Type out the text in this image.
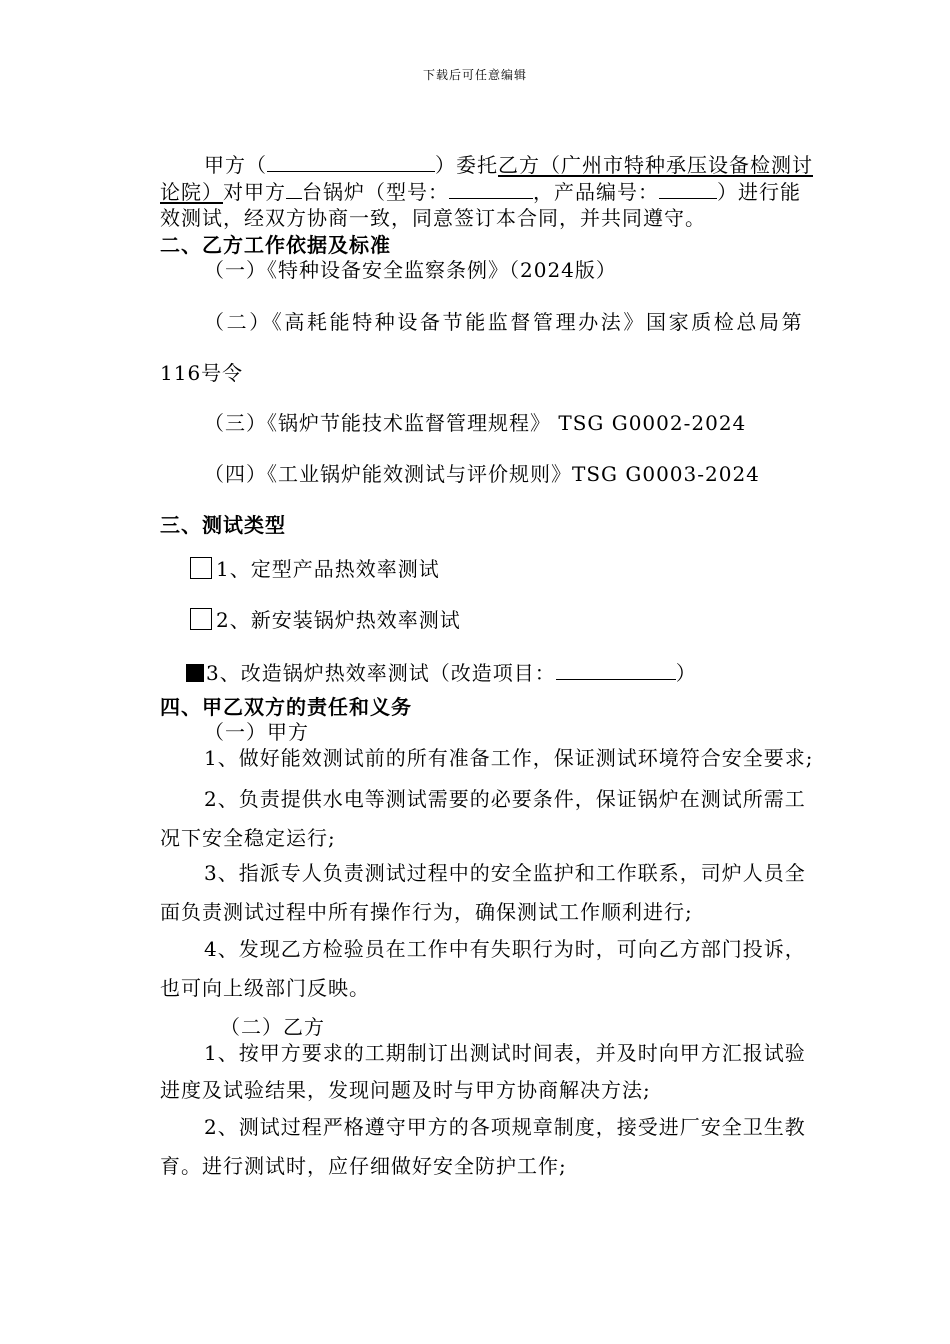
下载后可任意编辑
甲方（	）委托乙方（广州市特种承压设备检测讨
论院）对甲方 台锅炉（型号：	，产品编号：	）进行能
效测试，经双方协商一致，同意签订本合同，并共同遵守。
二、乙方工作依据及标准
（一）《特种设备安全监察条例》（2024版）
（二）《高耗能特种设备节能监督管理办法》国家质检总局第
116号令
（三）《锅炉节能技术监督管理规程》 TSG G0002-2024
（四）《工业锅炉能效测试与评价规则》TSG G0003-2024
三、测试类型
1、定型产品热效率测试
2、新安装锅炉热效率测试
3、改造锅炉热效率测试（改造项目：	）
四、甲乙双方的责任和义务
（一）甲方
1、做好能效测试前的所有准备工作，保证测试环境符合安全要求;
2、负责提供水电等测试需要的必要条件，保证锅炉在测试所需工
况下安全稳定运行;
3、指派专人负责测试过程中的安全监护和工作联系，司炉人员全
面负责测试过程中所有操作行为，确保测试工作顺利进行;
4、发现乙方检验员在工作中有失职行为时，可向乙方部门投诉，
也可向上级部门反映。
（二）乙方
1、按甲方要求的工期制订出测试时间表，并及时向甲方汇报试验
进度及试验结果，发现问题及时与甲方协商解决方法;
2、测试过程严格遵守甲方的各项规章制度，接受进厂安全卫生教
育。进行测试时，应仔细做好安全防护工作;
